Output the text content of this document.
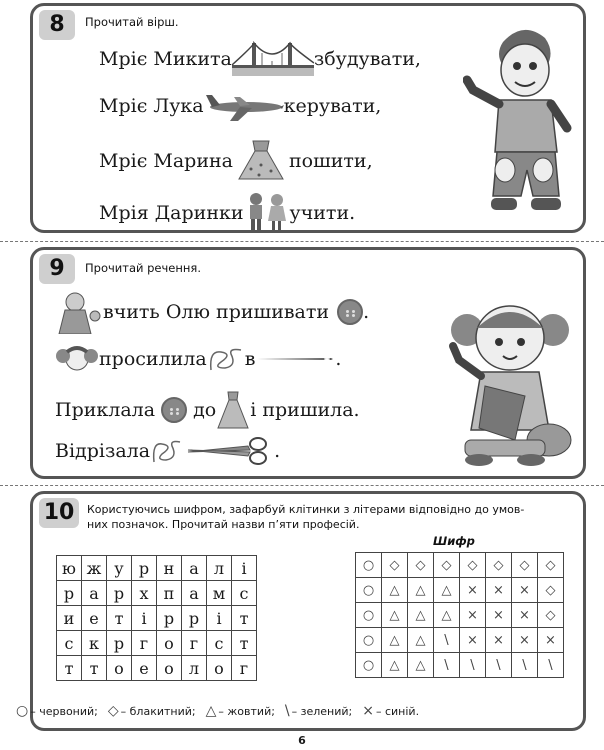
8	Прочитай вірш.
Мріє Микита	збудувати,
Мріє Лука	керувати,
Мріє Марина	пошити,
Мрія Даринки учити.
9	Прочитай речення.
вчить Олю пришивати .
просилила в	.
Приклала до і пришила.
Відрізала	.
10	Користуючись шифром, зафарбуй клітинки з літерами відповідно до умов-
них позначок. Прочитай назви п’яти професій.
Шифр
ю	ж	у	р	н	а	л	і
р	а	р	х	п	а	м	с
и	е	т	і	р	р	і	т
с	к	р	г	о	г	с	т
т	т	о	е	о	л	о	г
○	◇	◇	◇	◇	◇	◇	◇
○	△	△	△	×	×	×	◇
○	△	△	△	×	×	×	◇
○	△	△	\	×	×	×	×
○	△	△	\	\	\	\	\
○ – червоний; ◇ – блакитний; △ – жовтий; \ – зелений; × – синій.
6
